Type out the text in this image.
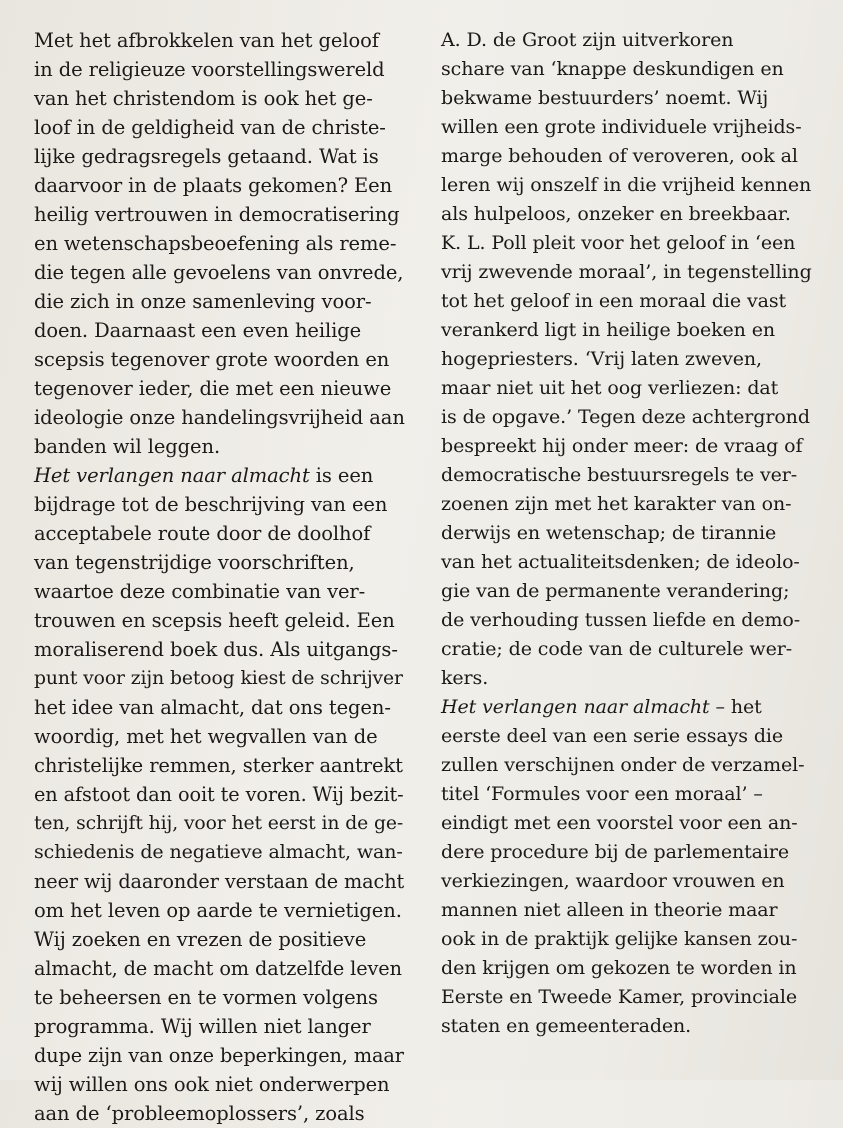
Met het afbrokkelen van het geloof
in de religieuze voorstellingswereld
van het christendom is ook het ge-
loof in de geldigheid van de christe-
lijke gedragsregels getaand. Wat is
daarvoor in de plaats gekomen? Een
heilig vertrouwen in democratisering
en wetenschapsbeoefening als reme-
die tegen alle gevoelens van onvrede,
die zich in onze samenleving voor-
doen. Daarnaast een even heilige
scepsis tegenover grote woorden en
tegenover ieder, die met een nieuwe
ideologie onze handelingsvrijheid aan
banden wil leggen.
Het verlangen naar almacht is een
bijdrage tot de beschrijving van een
acceptabele route door de doolhof
van tegenstrijdige voorschriften,
waartoe deze combinatie van ver-
trouwen en scepsis heeft geleid. Een
moraliserend boek dus. Als uitgangs-
punt voor zijn betoog kiest de schrijver
het idee van almacht, dat ons tegen-
woordig, met het wegvallen van de
christelijke remmen, sterker aantrekt
en afstoot dan ooit te voren. Wij bezit-
ten, schrijft hij, voor het eerst in de ge-
schiedenis de negatieve almacht, wan-
neer wij daaronder verstaan de macht
om het leven op aarde te vernietigen.
Wij zoeken en vrezen de positieve
almacht, de macht om datzelfde leven
te beheersen en te vormen volgens
programma. Wij willen niet langer
dupe zijn van onze beperkingen, maar
wij willen ons ook niet onderwerpen
aan de ‘probleemoplossers’, zoals
A. D. de Groot zijn uitverkoren
schare van ‘knappe deskundigen en
bekwame bestuurders’ noemt. Wij
willen een grote individuele vrijheids-
marge behouden of veroveren, ook al
leren wij onszelf in die vrijheid kennen
als hulpeloos, onzeker en breekbaar.
K. L. Poll pleit voor het geloof in ‘een
vrij zwevende moraal’, in tegenstelling
tot het geloof in een moraal die vast
verankerd ligt in heilige boeken en
hogepriesters. ‘Vrij laten zweven,
maar niet uit het oog verliezen: dat
is de opgave.’ Tegen deze achtergrond
bespreekt hij onder meer: de vraag of
democratische bestuursregels te ver-
zoenen zijn met het karakter van on-
derwijs en wetenschap; de tirannie
van het actualiteitsdenken; de ideolo-
gie van de permanente verandering;
de verhouding tussen liefde en demo-
cratie; de code van de culturele wer-
kers.
Het verlangen naar almacht – het
eerste deel van een serie essays die
zullen verschijnen onder de verzamel-
titel ‘Formules voor een moraal’ –
eindigt met een voorstel voor een an-
dere procedure bij de parlementaire
verkiezingen, waardoor vrouwen en
mannen niet alleen in theorie maar
ook in de praktijk gelijke kansen zou-
den krijgen om gekozen te worden in
Eerste en Tweede Kamer, provinciale
staten en gemeenteraden.
